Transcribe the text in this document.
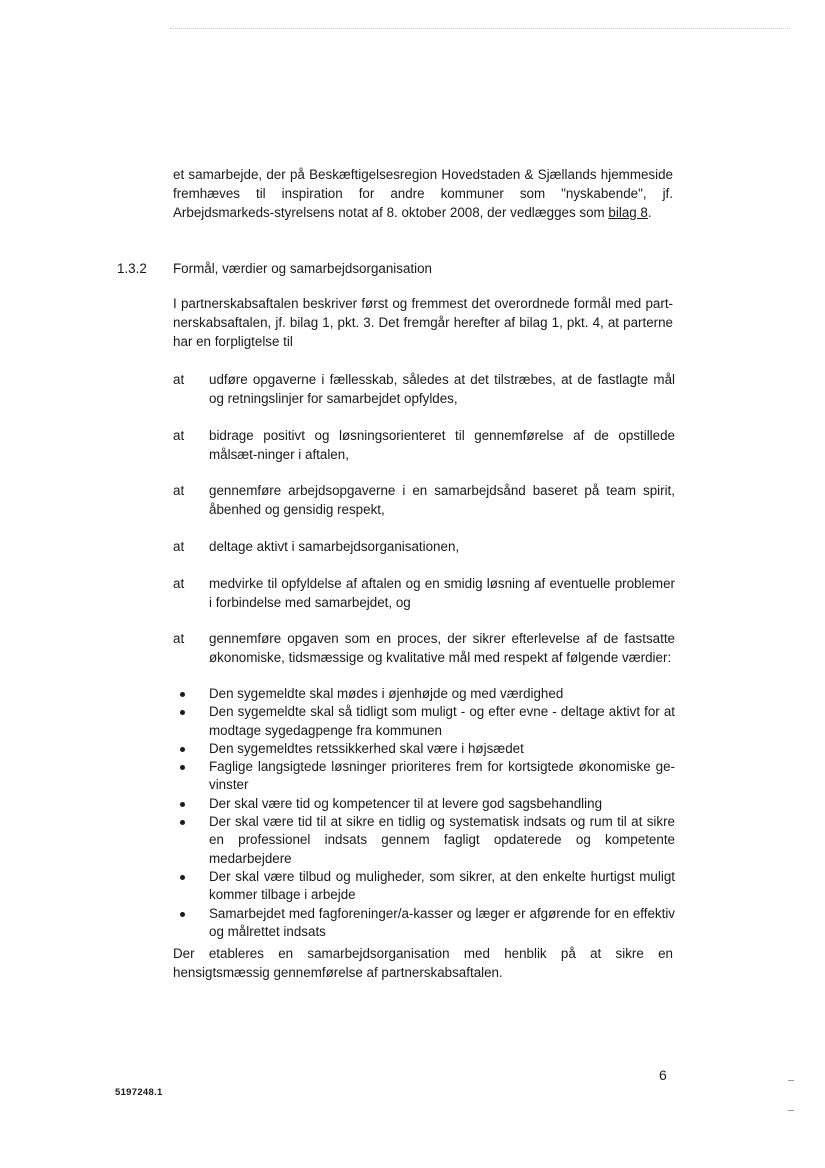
et samarbejde, der på Beskæftigelsesregion Hovedstaden & Sjællands hjemmeside fremhæves til inspiration for andre kommuner som "nyskabende", jf. Arbejdsmarkeds-styrelsens notat af 8. oktober 2008, der vedlægges som bilag 8.
1.3.2 Formål, værdier og samarbejdsorganisation
I partnerskabsaftalen beskriver først og fremmest det overordnede formål med part-nerskabsaftalen, jf. bilag 1, pkt. 3. Det fremgår herefter af bilag 1, pkt. 4, at parterne har en forpligtelse til
at udføre opgaverne i fællesskab, således at det tilstræbes, at de fastlagte mål og retningslinjer for samarbejdet opfyldes,
at bidrage positivt og løsningsorienteret til gennemførelse af de opstillede målsæt-ninger i aftalen,
at gennemføre arbejdsopgaverne i en samarbejdsånd baseret på team spirit, åbenhed og gensidig respekt,
at deltage aktivt i samarbejdsorganisationen,
at medvirke til opfyldelse af aftalen og en smidig løsning af eventuelle problemer i forbindelse med samarbejdet, og
at gennemføre opgaven som en proces, der sikrer efterlevelse af de fastsatte økonomiske, tidsmæssige og kvalitative mål med respekt af følgende værdier:
Den sygemeldte skal mødes i øjenhøjde og med værdighed
Den sygemeldte skal så tidligt som muligt - og efter evne - deltage aktivt for at modtage sygedagpenge fra kommunen
Den sygemeldtes retssikkerhed skal være i højsædet
Faglige langsigtede løsninger prioriteres frem for kortsigtede økonomiske ge-vinster
Der skal være tid og kompetencer til at levere god sagsbehandling
Der skal være tid til at sikre en tidlig og systematisk indsats og rum til at sikre en professionel indsats gennem fagligt opdaterede og kompetente medarbejdere
Der skal være tilbud og muligheder, som sikrer, at den enkelte hurtigst muligt kommer tilbage i arbejde
Samarbejdet med fagforeninger/a-kasser og læger er afgørende for en effektiv og målrettet indsats
Der etableres en samarbejdsorganisation med henblik på at sikre en hensigtsmæssig gennemførelse af partnerskabsaftalen.
6
5197248.1
